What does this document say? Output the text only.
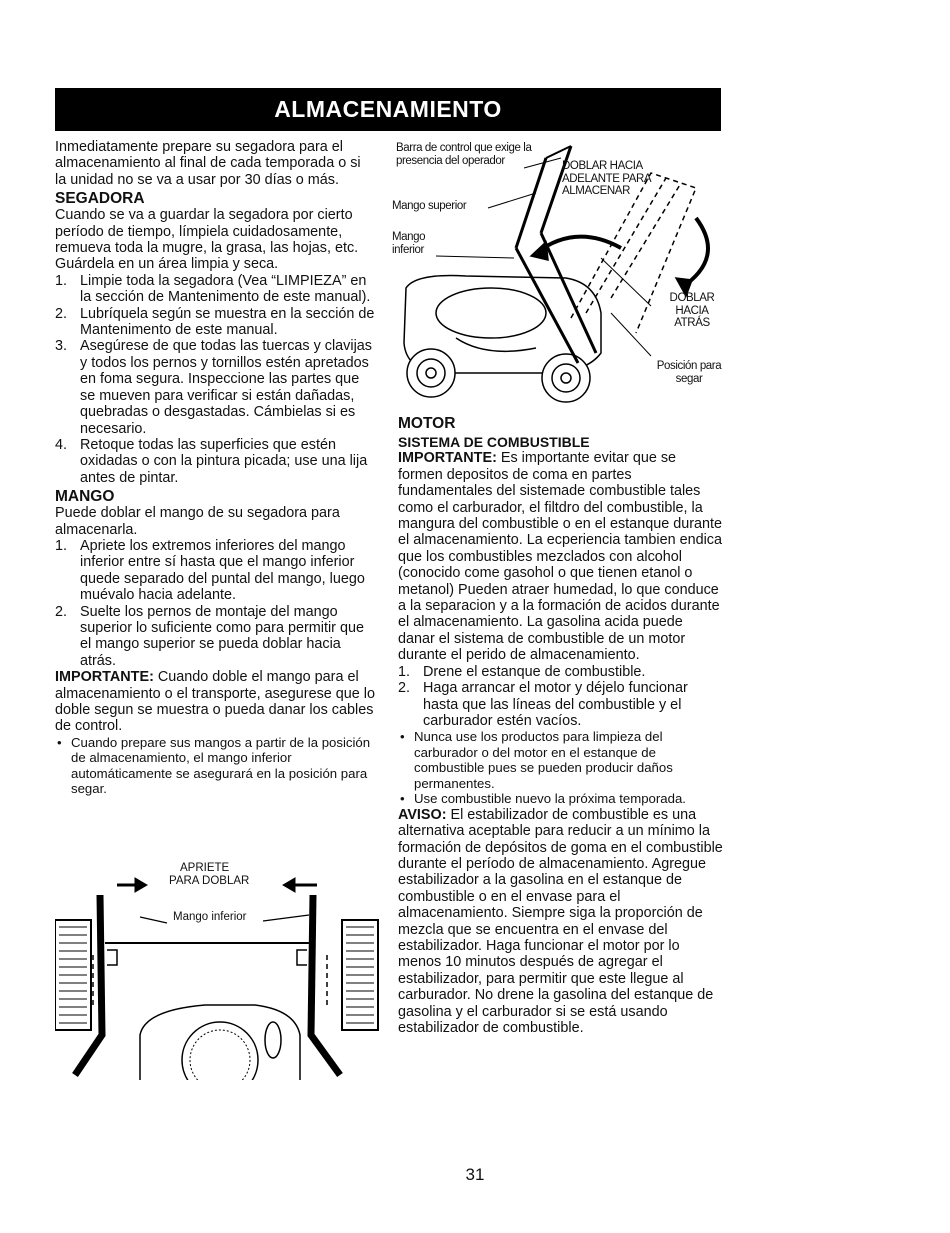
ALMACENAMIENTO

Inmediatamente prepare su segadora para el almacenamiento al final de cada temporada o si la unidad no se va a usar por 30 días o más.

SEGADORA

Cuando se va a guardar la segadora por cierto período de tiempo, límpiela cuidadosamente, remueva toda la mugre, la grasa, las hojas, etc. Guárdela en un área limpia y seca.

1. Limpie toda la segadora (Vea “LIMPIEZA” en la sección de Mantenimento de este manual).
2. Lubríquela según se muestra en la sección de Mantenimento de este manual.
3. Asegúrese de que todas las tuercas y clavijas y todos los pernos y tornillos estén apretados en foma segura. Inspeccione las partes que se mueven para verificar si están dañadas, quebradas o desgastadas. Cámbielas si es necesario.
4. Retoque todas las superficies que estén oxidadas o con la pintura picada; use una lija antes de pintar.

MANGO

Puede doblar el mango de su segadora para almacenarla.

1. Apriete los extremos inferiores del mango inferior entre sí hasta que el mango inferior quede separado del puntal del mango, luego muévalo hacia adelante.
2. Suelte los pernos de montaje del mango superior lo suficiente como para permitir que el mango superior se pueda doblar hacia atrás.

IMPORTANTE: Cuando doble el mango para el almacenamiento o el transporte, asegurese que lo doble segun se muestra o pueda danar los cables de control.

• Cuando prepare sus mangos a partir de la posición de almacenamiento, el mango inferior automáticamente se asegurará en la posición para segar.
APRIETE
PARA DOBLAR
Mango inferior
Barra de control que exige la presencia del operador
Mango superior
Mango inferior
DOBLAR HACIA ADELANTE PARA ALMACENAR
DOBLAR HACIA ATRÁS
Posición para segar

MOTOR

SISTEMA DE COMBUSTIBLE

IMPORTANTE: Es importante evitar que se formen depositos de coma en partes fundamentales del sistemade combustible tales como el carburador, el filtdro del combustible, la mangura del combustible o en el estanque durante el almacenamiento. La ecperiencia tambien endica que los combustibles mezclados con alcohol (conocido come gasohol o que tienen etanol o metanol) Pueden atraer humedad, lo que conduce a la separacion y a la formación de acidos durante el almacenamiento. La gasolina acida puede danar el sistema de combustible de un motor durante el perido de almacenamiento.

1. Drene el estanque de combustible.
2. Haga arrancar el motor y déjelo funcionar hasta que las líneas del combustible y el carburador estén vacíos.
• Nunca use los productos para limpieza del carburador o del motor en el estanque de combustible pues se pueden producir daños permanentes.
• Use combustible nuevo la próxima temporada.

AVISO: El estabilizador de combustible es una alternativa aceptable para reducir a un mínimo la formación de depósitos de goma en el combustible durante el período de almacenamiento. Agregue estabilizador a la gasolina en el estanque de combustible o en el envase para el almacenamiento. Siempre siga la proporción de mezcla que se encuentra en el envase del estabilizador. Haga funcionar el motor por lo menos 10 minutos después de agregar el estabilizador, para permitir que este llegue al carburador. No drene la gasolina del estanque de gasolina y el carburador si se está usando estabilizador de combustible.

31
